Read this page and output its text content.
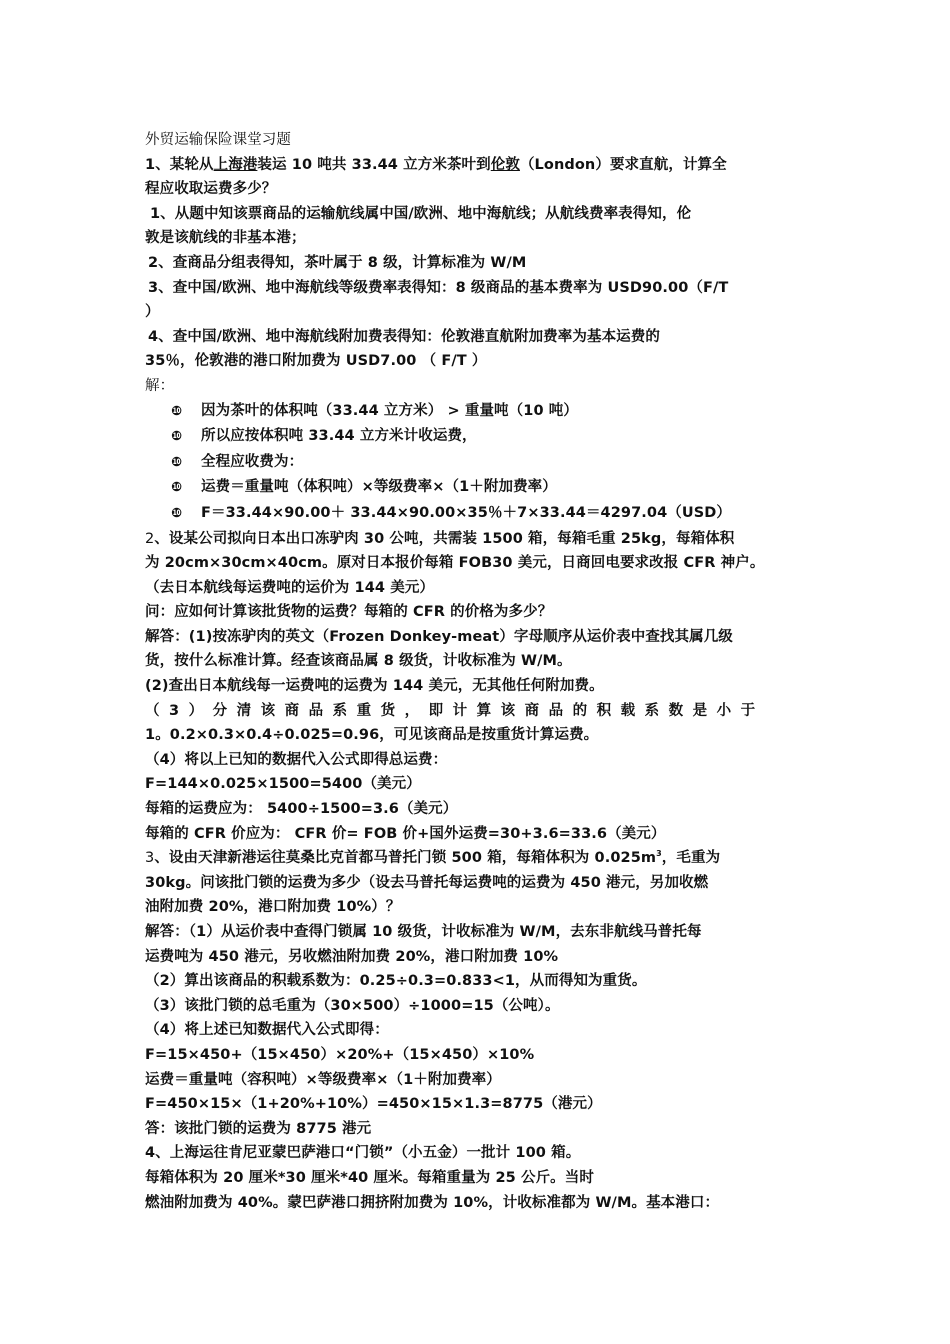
外贸运输保险课堂习题
1、某轮从上海港装运 10 吨共 33.44 立方米茶叶到伦敦（London）要求直航，计算全
程应收取运费多少？
1、从题中知该票商品的运输航线属中国/欧洲、地中海航线；从航线费率表得知，伦
敦是该航线的非基本港；
2、查商品分组表得知，茶叶属于 8 级，计算标准为 W/M
3、查中国/欧洲、地中海航线等级费率表得知：8 级商品的基本费率为 USD90.00（F/T
）
4、查中国/欧洲、地中海航线附加费表得知：伦敦港直航附加费率为基本运费的
35％，伦敦港的港口附加费为 USD7.00 （ F/T ）
解：
❿ 因为茶叶的体积吨（33.44 立方米） > 重量吨（10 吨）
❿ 所以应按体积吨 33.44 立方米计收运费，
❿ 全程应收费为：
❿ 运费＝重量吨（体积吨）×等级费率×（1＋附加费率）
❿ F＝33.44×90.00＋ 33.44×90.00×35％＋7×33.44＝4297.04（USD）
2、设某公司拟向日本出口冻驴肉 30 公吨，共需装 1500 箱，每箱毛重 25kg，每箱体积
为 20cm×30cm×40cm。原对日本报价每箱 FOB30 美元，日商回电要求改报 CFR 神户。
（去日本航线每运费吨的运价为 144 美元）
问：应如何计算该批货物的运费？每箱的 CFR 的价格为多少？
解答：(1)按冻驴肉的英文（Frozen Donkey-meat）字母顺序从运价表中查找其属几级
货，按什么标准计算。经查该商品属 8 级货，计收标准为 W/M。
(2)查出日本航线每一运费吨的运费为 144 美元，无其他任何附加费。
（3）分清该商品系重货，即计算该商品的积载系数是小于
1。0.2×0.3×0.4÷0.025=0.96，可见该商品是按重货计算运费。
（4）将以上已知的数据代入公式即得总运费：
F=144×0.025×1500=5400（美元）
每箱的运费应为： 5400÷1500=3.6（美元）
每箱的 CFR 价应为： CFR 价= FOB 价+国外运费=30+3.6=33.6（美元）
3、设由天津新港运往莫桑比克首都马普托门锁 500 箱，每箱体积为 $0.025m^3$，毛重为
30kg。问该批门锁的运费为多少（设去马普托每运费吨的运费为 450 港元，另加收燃
油附加费 20%，港口附加费 10%）？
解答：（1）从运价表中查得门锁属 10 级货，计收标准为 W/M，去东非航线马普托每
运费吨为 450 港元，另收燃油附加费 20%，港口附加费 10%
（2）算出该商品的积载系数为：0.25÷0.3=0.833<1，从而得知为重货。
（3）该批门锁的总毛重为（30×500）÷1000=15（公吨）。
（4）将上述已知数据代入公式即得：
F=15×450+（15×450）×20%+（15×450）×10%
运费＝重量吨（容积吨）×等级费率×（1＋附加费率）
F=450×15×（1+20%+10%）=450×15×1.3=8775（港元）
答：该批门锁的运费为 8775 港元
4、上海运往肯尼亚蒙巴萨港口“门锁”（小五金）一批计 100 箱。
每箱体积为 20 厘米*30 厘米*40 厘米。每箱重量为 25 公斤。当时
燃油附加费为 40%。蒙巴萨港口拥挤附加费为 10%，计收标准都为 W/M。基本港口：
